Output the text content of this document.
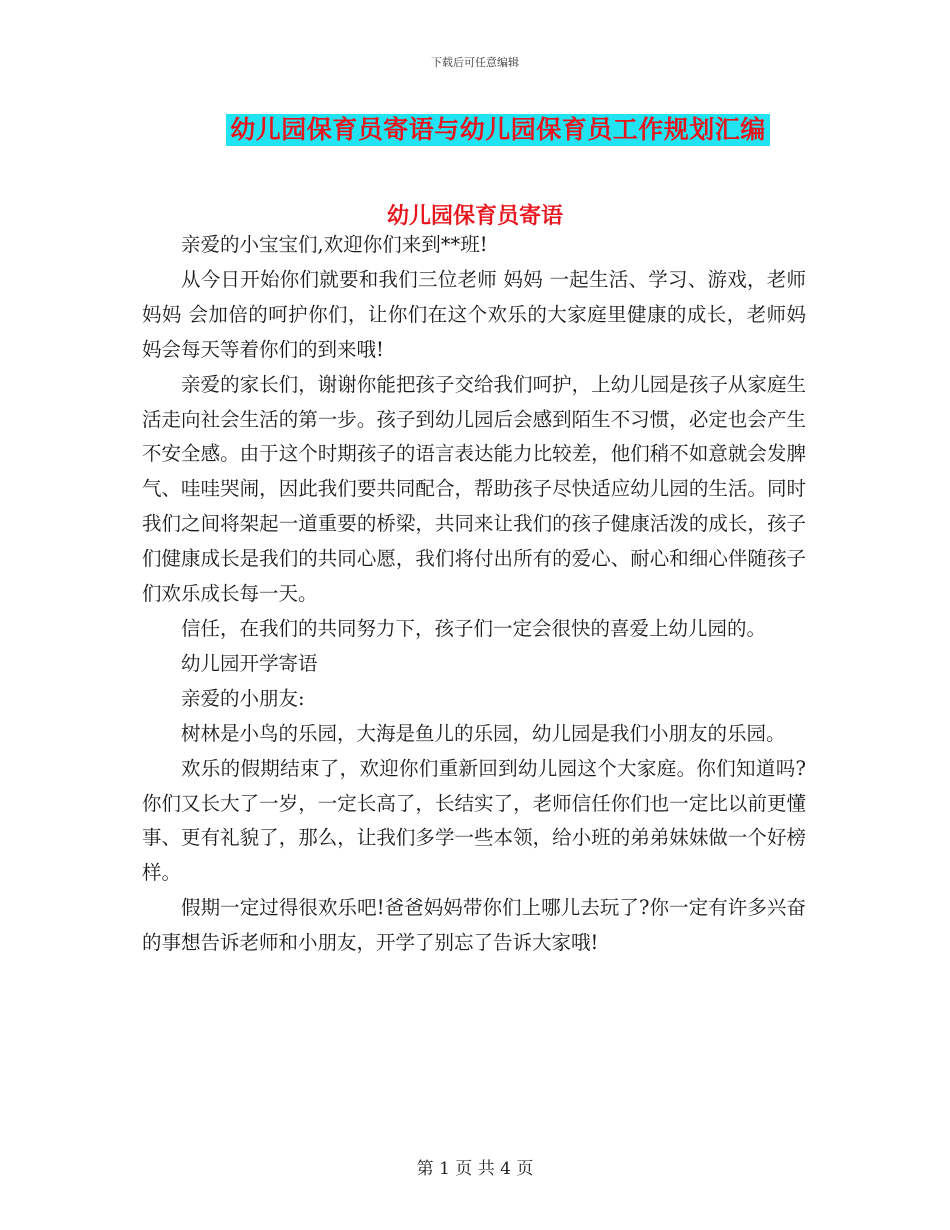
下载后可任意编辑
幼儿园保育员寄语与幼儿园保育员工作规划汇编
幼儿园保育员寄语

亲爱的小宝宝们,欢迎你们来到**班!

从今日开始你们就要和我们三位老师 妈妈 一起生活、学习、游戏，老师 妈妈 会加倍的呵护你们，让你们在这个欢乐的大家庭里健康的成长，老师妈妈会每天等着你们的到来哦!

亲爱的家长们，谢谢你能把孩子交给我们呵护，上幼儿园是孩子从家庭生活走向社会生活的第一步。孩子到幼儿园后会感到陌生不习惯，必定也会产生不安全感。由于这个时期孩子的语言表达能力比较差，他们稍不如意就会发脾气、哇哇哭闹，因此我们要共同配合，帮助孩子尽快适应幼儿园的生活。同时我们之间将架起一道重要的桥梁，共同来让我们的孩子健康活泼的成长，孩子们健康成长是我们的共同心愿，我们将付出所有的爱心、耐心和细心伴随孩子们欢乐成长每一天。

信任，在我们的共同努力下，孩子们一定会很快的喜爱上幼儿园的。

幼儿园开学寄语

亲爱的小朋友:

树林是小鸟的乐园，大海是鱼儿的乐园，幼儿园是我们小朋友的乐园。

欢乐的假期结束了，欢迎你们重新回到幼儿园这个大家庭。你们知道吗?你们又长大了一岁，一定长高了，长结实了，老师信任你们也一定比以前更懂事、更有礼貌了，那么，让我们多学一些本领，给小班的弟弟妹妹做一个好榜样。

假期一定过得很欢乐吧!爸爸妈妈带你们上哪儿去玩了?你一定有许多兴奋的事想告诉老师和小朋友，开学了别忘了告诉大家哦!

第 1 页 共 4 页
